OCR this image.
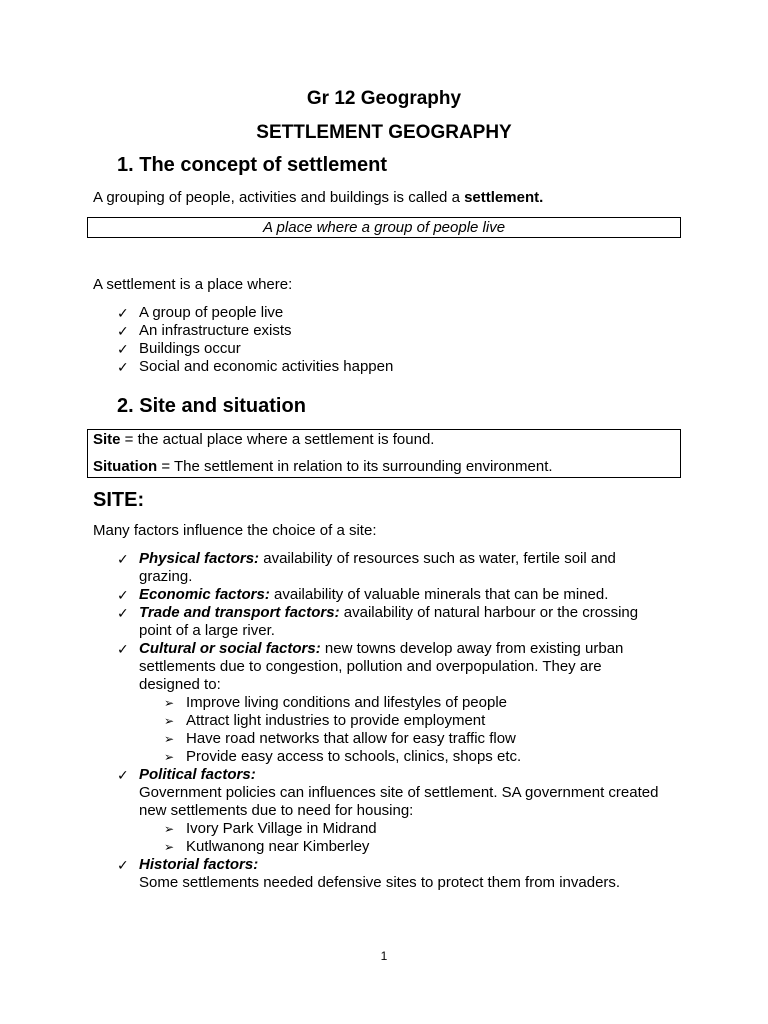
Gr 12 Geography
SETTLEMENT GEOGRAPHY
1. The concept of settlement
A grouping of people, activities and buildings is called a settlement.
A place where a group of people live
A settlement is a place where:
✓ A group of people live
✓ An infrastructure exists
✓ Buildings occur
✓ Social and economic activities happen
2. Site and situation
Site = the actual place where a settlement is found.
Situation = The settlement in relation to its surrounding environment.
SITE:
Many factors influence the choice of a site:
✓ Physical factors: availability of resources such as water, fertile soil and grazing.
✓ Economic factors: availability of valuable minerals that can be mined.
✓ Trade and transport factors: availability of natural harbour or the crossing point of a large river.
✓ Cultural or social factors: new towns develop away from existing urban settlements due to congestion, pollution and overpopulation. They are designed to:
➢ Improve living conditions and lifestyles of people
➢ Attract light industries to provide employment
➢ Have road networks that allow for easy traffic flow
➢ Provide easy access to schools, clinics, shops etc.
✓ Political factors:
Government policies can influences site of settlement. SA government created new settlements due to need for housing:
➢ Ivory Park Village in Midrand
➢ Kutlwanong near Kimberley
✓ Historial factors:
Some settlements needed defensive sites to protect them from invaders.
1
